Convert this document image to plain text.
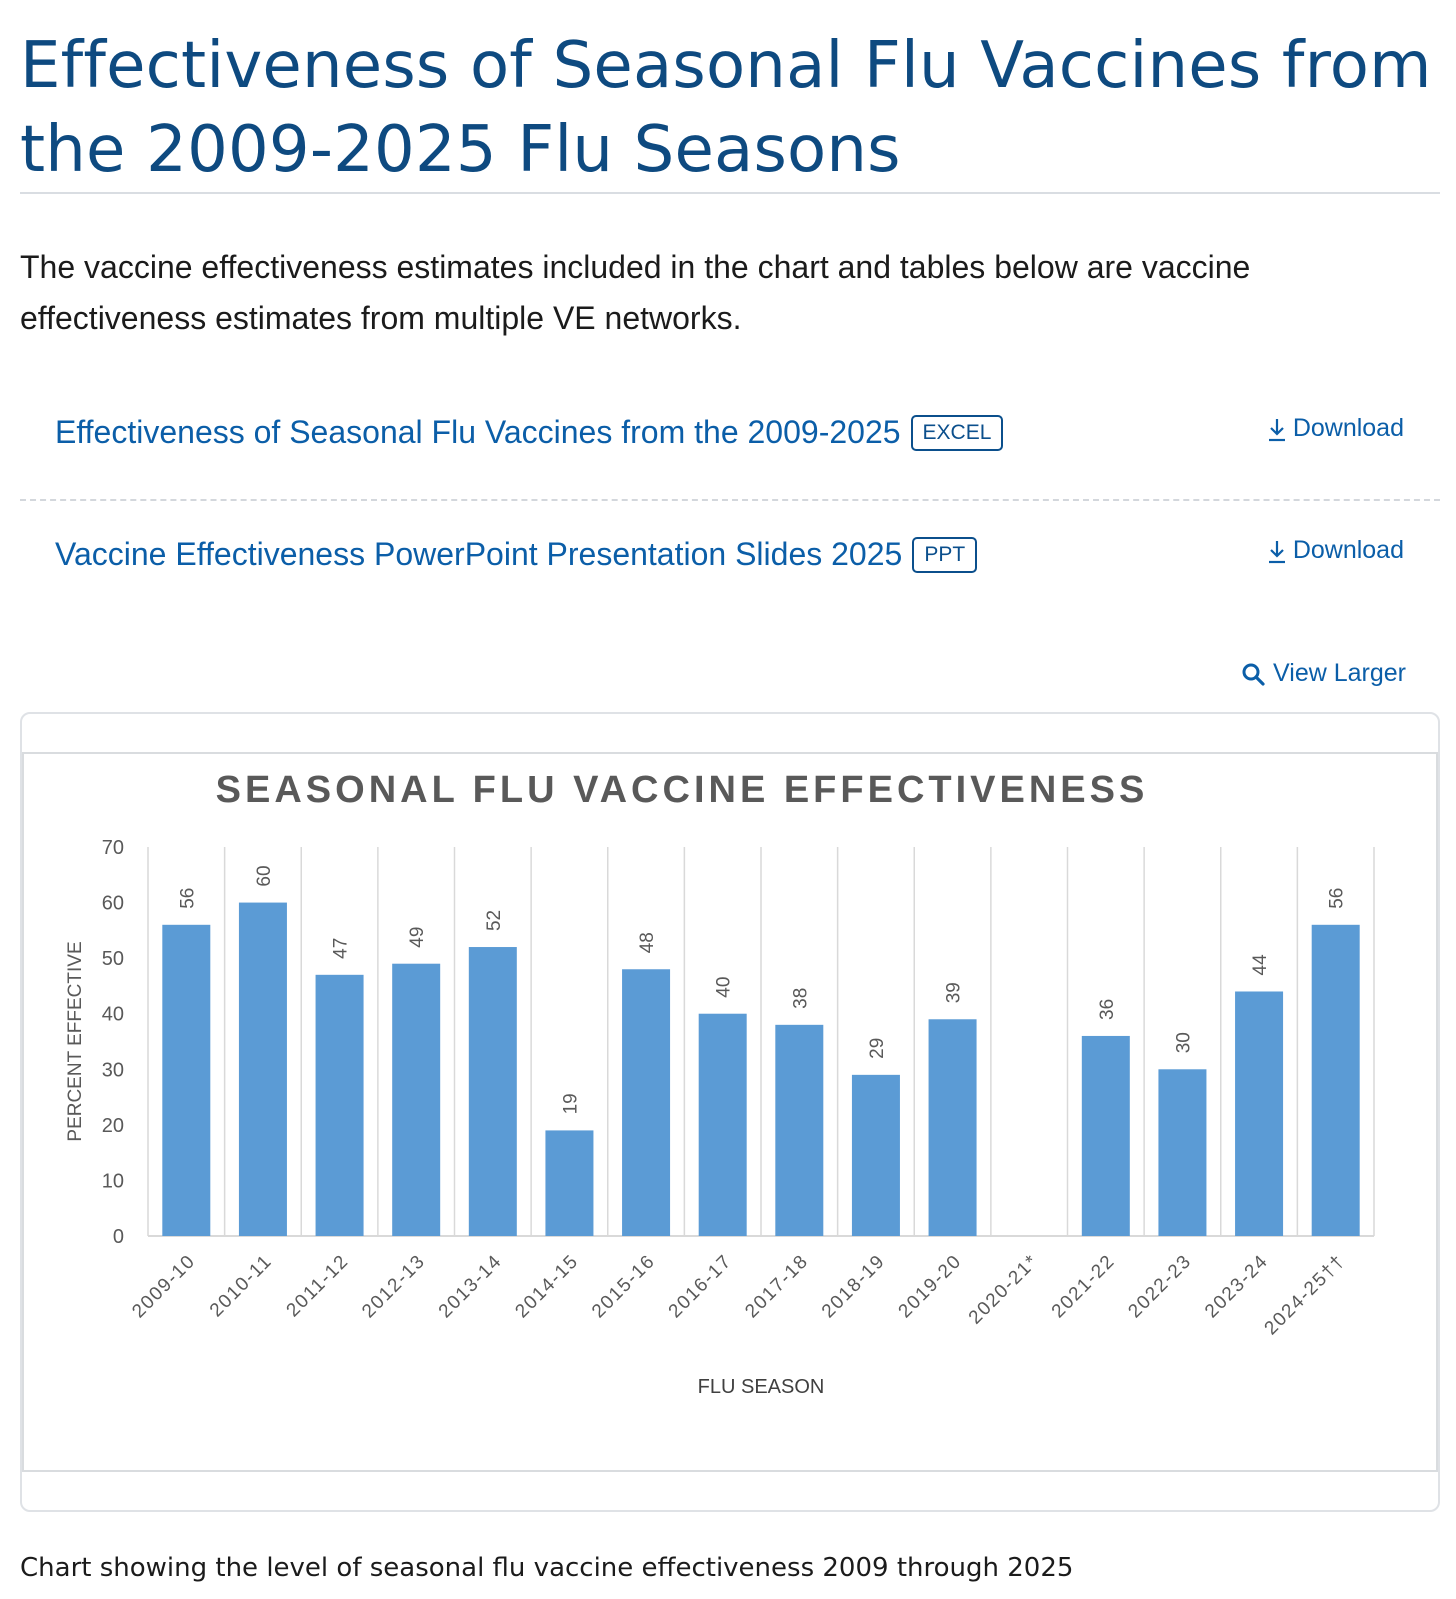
Effectiveness of Seasonal Flu Vaccines from the 2009-2025 Flu Seasons

The vaccine effectiveness estimates included in the chart and tables below are vaccine effectiveness estimates from multiple VE networks.

Effectiveness of Seasonal Flu Vaccines from the 2009-2025 EXCEL	Download
Vaccine Effectiveness PowerPoint Presentation Slides 2025 PPT	Download
View Larger
SEASONAL FLU VACCINE EFFECTIVENESS
0
10
20
30
40
50
60
70
PERCENT EFFECTIVE
56
2009-10
60
2010-11
47
2011-12
49
2012-13
52
2013-14
19
2014-15
48
2015-16
40
2016-17
38
2017-18
29
2018-19
39
2019-20
2020-21*
36
2021-22
30
2022-23
44
2023-24
56
2024-25††
FLU SEASON

Chart showing the level of seasonal flu vaccine effectiveness 2009 through 2025
